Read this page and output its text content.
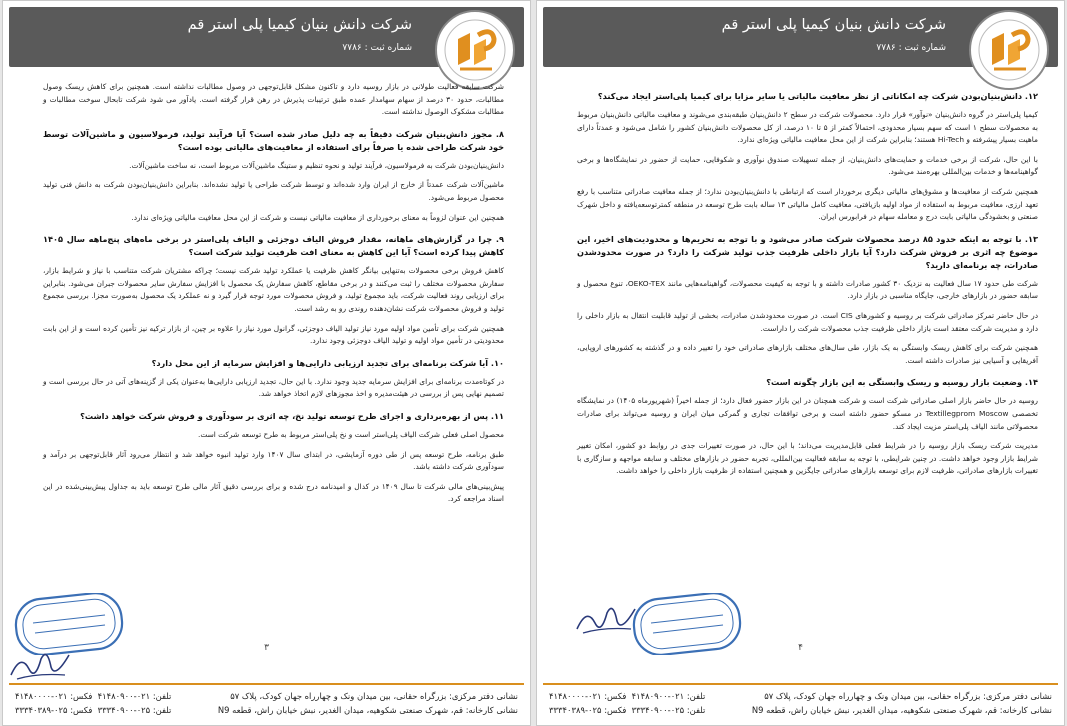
شرکت دانش بنیان کیمیا پلی استر قم
شماره ثبت : ۷۷۸۶

شرکت سابقه فعالیت طولانی در بازار روسیه دارد و تاکنون مشکل قابل‌توجهی در وصول مطالبات نداشته است. همچنین برای کاهش ریسک وصول مطالبات، حدود ۳۰ درصد از سهام سهامدار عمده طبق ترتیبات پذیرش در رهن قرار گرفته است. یادآور می شود شرکت تابحال سوخت مطالبات و مطالبات مشکوک الوصول نداشته است.

۸. مجوز دانش‌بنیان شرکت دقیقاً به چه دلیل صادر شده است؟ آیا فرآیند تولید، فرمولاسیون و ماشین‌آلات توسط خود شرکت طراحی شده یا صرفاً برای استفاده از معافیت‌های مالیاتی بوده است؟

دانش‌بنیان‌بودن شرکت به فرمولاسیون، فرآیند تولید و نحوه تنظیم و ستینگ ماشین‌آلات مربوط است، نه ساخت ماشین‌آلات.

ماشین‌آلات شرکت عمدتاً از خارج از ایران وارد شده‌اند و توسط شرکت طراحی یا تولید نشده‌اند. بنابراین دانش‌بنیان‌بودن شرکت به دانش فنی تولید محصول مربوط می‌شود.

همچنین این عنوان لزوماً به معنای برخورداری از معافیت مالیاتی نیست و شرکت از این محل معافیت مالیاتی ویژه‌ای ندارد.

۹. چرا در گزارش‌های ماهانه، مقدار فروش الیاف دوجزئی و الیاف پلی‌استر در برخی ماه‌های پنج‌ماهه سال ۱۴۰۵ کاهش پیدا کرده است؟ آیا این کاهش به معنای افت ظرفیت تولید شرکت است؟

کاهش فروش برخی محصولات به‌تنهایی بیانگر کاهش ظرفیت یا عملکرد تولید شرکت نیست؛ چراکه مشتریان شرکت متناسب با نیاز و شرایط بازار، سفارش محصولات مختلف را ثبت می‌کنند و در برخی مقاطع، کاهش سفارش یک محصول با افزایش سفارش سایر محصولات جبران می‌شود. بنابراین برای ارزیابی روند فعالیت شرکت، باید مجموع تولید، و فروش محصولات مورد توجه قرار گیرد و نه عملکرد یک محصول به‌صورت مجزا. بررسی مجموع تولید و فروش محصولات شرکت نشان‌دهنده روندی رو به رشد است.

همچنین شرکت برای تأمین مواد اولیه مورد نیاز تولید الیاف دوجزئی، گرانول مورد نیاز را علاوه بر چین، از بازار ترکیه نیز تأمین کرده است و از این بابت محدودیتی در تأمین مواد اولیه و تولید الیاف دوجزئی وجود ندارد.

۱۰. آیا شرکت برنامه‌ای برای تجدید ارزیابی دارایی‌ها و افزایش سرمایه از این محل دارد؟

در کوتاه‌مدت برنامه‌ای برای افزایش سرمایه جدید وجود ندارد. با این حال، تجدید ارزیابی دارایی‌ها به‌عنوان یکی از گزینه‌های آتی در حال بررسی است و تصمیم نهایی پس از بررسی در هیئت‌مدیره و اخذ مجوزهای لازم اتخاذ خواهد شد.

۱۱. پس از بهره‌برداری و اجرای طرح توسعه تولید نخ، چه اثری بر سودآوری و فروش شرکت خواهد داشت؟

محصول اصلی فعلی شرکت الیاف پلی‌استر است و نخ پلی‌استر مربوط به طرح توسعه شرکت است.

طبق برنامه، طرح توسعه پس از طی دوره آزمایشی، در ابتدای سال ۱۴۰۷ وارد تولید انبوه خواهد شد و انتظار می‌رود آثار قابل‌توجهی بر درآمد و سودآوری شرکت داشته باشد.

پیش‌بینی‌های مالی شرکت تا سال ۱۴۰۹ در کدال و امیدنامه درج شده و برای بررسی دقیق آثار مالی طرح توسعه باید به جداول پیش‌بینی‌شده در این اسناد مراجعه کرد.

۳
نشانی دفتر مرکزی: بزرگراه حقانی، بین میدان ونک و چهارراه جهان کودک، پلاک ۵۷
تلفن: ۰۲۱-۴۱۴۸۰۹۰۰  فکس: ۰۲۱-۴۱۴۸۰۰۰۰
نشانی کارخانه: قم، شهرک صنعتی شکوهیه، میدان الغدیر، نبش خیابان راش، قطعه N9
تلفن: ۰۲۵-۳۳۳۴۰۹۰۰  فکس: ۰۲۵-۳۳۳۴۰۳۸۹
شرکت دانش بنیان کیمیا پلی استر قم
شماره ثبت : ۷۷۸۶
۱۲. دانش‌بنیان‌بودن شرکت چه امکاناتی از نظر معافیت مالیاتی یا سایر مزایا برای کیمیا پلی‌استر ایجاد می‌کند؟

کیمیا پلی‌استر در گروه دانش‌بنیان «نوآور» قرار دارد. محصولات شرکت در سطح ۲ دانش‌بنیان طبقه‌بندی می‌شوند و معافیت مالیاتی دانش‌بنیان مربوط به محصولات سطح ۱ است که سهم بسیار محدودی، احتمالاً کمتر از ۵ تا ۱۰ درصد، از کل محصولات دانش‌بنیان کشور را شامل می‌شود و عمدتاً دارای ماهیت بسیار پیشرفته و Hi-Tech هستند؛ بنابراین شرکت از این محل معافیت مالیاتی ویژه‌ای ندارد.

با این حال، شرکت از برخی خدمات و حمایت‌های دانش‌بنیان، از جمله تسهیلات صندوق نوآوری و شکوفایی، حمایت از حضور در نمایشگاه‌ها و برخی گواهینامه‌ها و خدمات بین‌المللی بهره‌مند می‌شود.

همچنین شرکت از معافیت‌ها و مشوق‌های مالیاتی دیگری برخوردار است که ارتباطی با دانش‌بنیان‌بودن ندارد؛ از جمله معافیت صادراتی متناسب با رفع تعهد ارزی، معافیت مربوط به استفاده از مواد اولیه بازیافتی، معافیت کامل مالیاتی ۱۳ ساله بابت طرح توسعه در منطقه کمترتوسعه‌یافته و داخل شهرک صنعتی و بخشودگی مالیاتی بابت درج و معامله سهام در فرابورس ایران.

۱۳. با توجه به اینکه حدود ۸۵ درصد محصولات شرکت صادر می‌شود و با توجه به تحریم‌ها و محدودیت‌های اخیر، این موضوع چه اثری بر فروش شرکت دارد؟ آیا بازار داخلی ظرفیت جذب تولید شرکت را دارد؟ در صورت محدودشدن صادرات، چه برنامه‌ای دارید؟

شرکت طی حدود ۱۷ سال فعالیت به نزدیک ۳۰ کشور صادرات داشته و با توجه به کیفیت محصولات، گواهینامه‌هایی مانند OEKO-TEX، تنوع محصول و سابقه حضور در بازارهای خارجی، جایگاه مناسبی در بازار دارد.

در حال حاضر تمرکز صادراتی شرکت بر روسیه و کشورهای CIS است. در صورت محدودشدن صادرات، بخشی از تولید قابلیت انتقال به بازار داخلی را دارد و مدیریت شرکت معتقد است بازار داخلی ظرفیت جذب محصولات شرکت را داراست.

همچنین شرکت برای کاهش ریسک وابستگی به یک بازار، طی سال‌های مختلف بازارهای صادراتی خود را تغییر داده و در گذشته به کشورهای اروپایی، آفریقایی و آسیایی نیز صادرات داشته است.

۱۴. وضعیت بازار روسیه و ریسک وابستگی به این بازار چگونه است؟

روسیه در حال حاضر بازار اصلی صادراتی شرکت است و شرکت همچنان در این بازار حضور فعال دارد؛ از جمله اخیراً (شهریورماه ۱۴۰۵) در نمایشگاه تخصصی Textillegprom Moscow در مسکو حضور داشته است و برخی توافقات تجاری و گمرکی میان ایران و روسیه می‌تواند برای صادرات محصولاتی مانند الیاف پلی‌استر مزیت ایجاد کند.

مدیریت شرکت ریسک بازار روسیه را در شرایط فعلی قابل‌مدیریت می‌داند؛ با این حال، در صورت تغییرات جدی در روابط دو کشور، امکان تغییر شرایط بازار وجود خواهد داشت. در چنین شرایطی، با توجه به سابقه فعالیت بین‌المللی، تجربه حضور در بازارهای مختلف و سابقه مواجهه و سازگاری با تغییرات بازارهای صادراتی، ظرفیت لازم برای توسعه بازارهای صادراتی جایگزین و همچنین استفاده از ظرفیت بازار داخلی را خواهد داشت.

۴
نشانی دفتر مرکزی: بزرگراه حقانی، بین میدان ونک و چهارراه جهان کودک، پلاک ۵۷
تلفن: ۰۲۱-۴۱۴۸۰۹۰۰  فکس: ۰۲۱-۴۱۴۸۰۰۰۰
نشانی کارخانه: قم، شهرک صنعتی شکوهیه، میدان الغدیر، نبش خیابان راش، قطعه N9
تلفن: ۰۲۵-۳۳۳۴۰۹۰۰  فکس: ۰۲۵-۳۳۳۴۰۳۸۹
